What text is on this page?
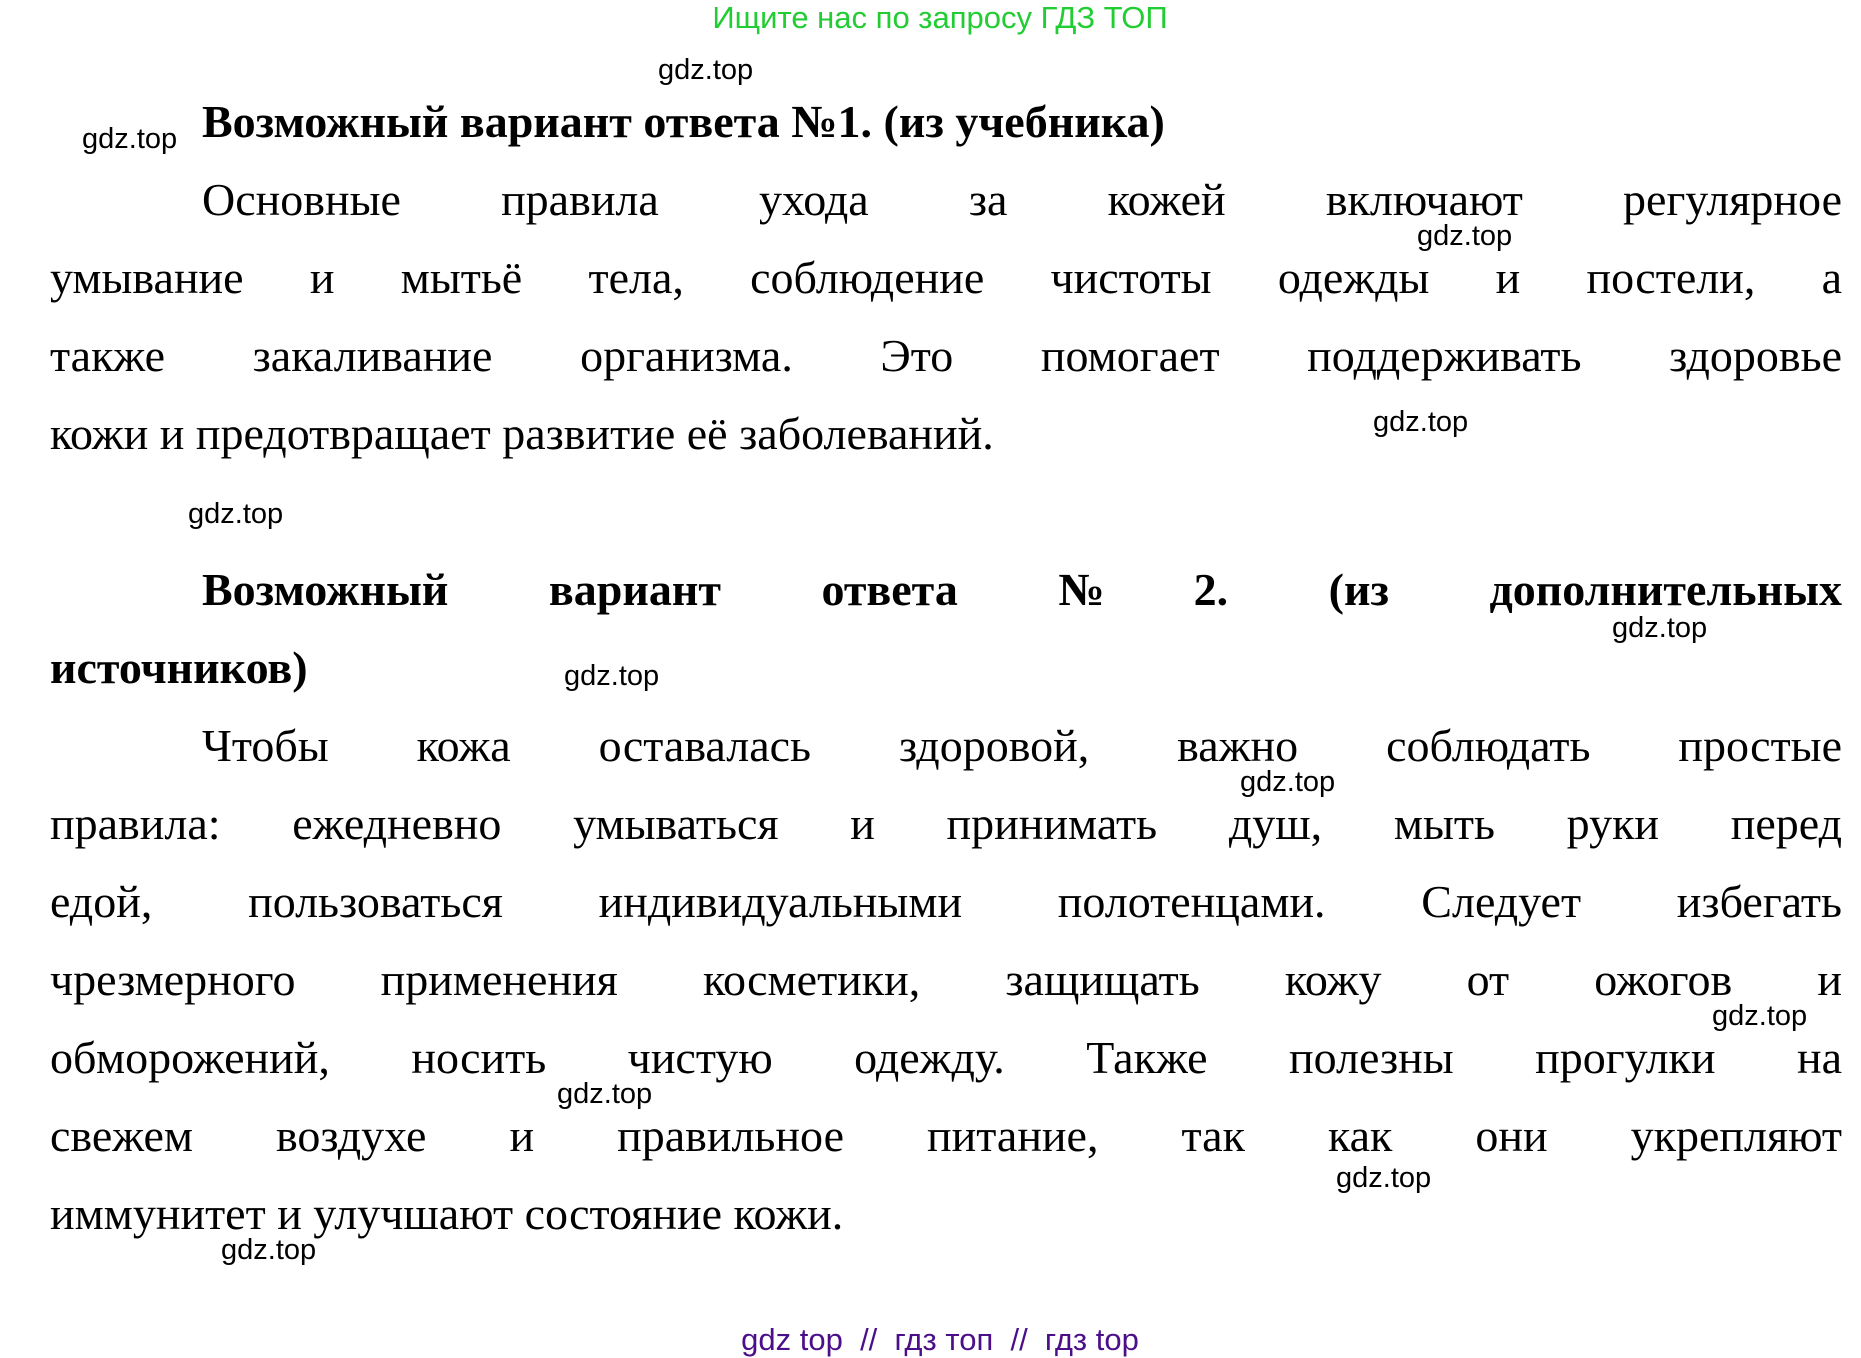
Ищите нас по запросу ГДЗ ТОП
Возможный вариант ответа №1. (из учебника)
Основные правила ухода за кожей включают регулярное
умывание и мытьё тела, соблюдение чистоты одежды и постели, а
также закаливание организма. Это помогает поддерживать здоровье
кожи и предотвращает развитие её заболеваний.
Возможный вариант ответа №2. (из дополнительных
источников)
Чтобы кожа оставалась здоровой, важно соблюдать простые
правила: ежедневно умываться и принимать душ, мыть руки перед
едой, пользоваться индивидуальными полотенцами. Следует избегать
чрезмерного применения косметики, защищать кожу от ожогов и
обморожений, носить чистую одежду. Также полезны прогулки на
свежем воздухе и правильное питание, так как они укрепляют
иммунитет и улучшают состояние кожи.
gdz.top
gdz.top
gdz.top
gdz.top
gdz.top
gdz.top
gdz.top
gdz.top
gdz.top
gdz.top
gdz.top
gdz.top
gdz top  //  гдз топ  //  гдз top
